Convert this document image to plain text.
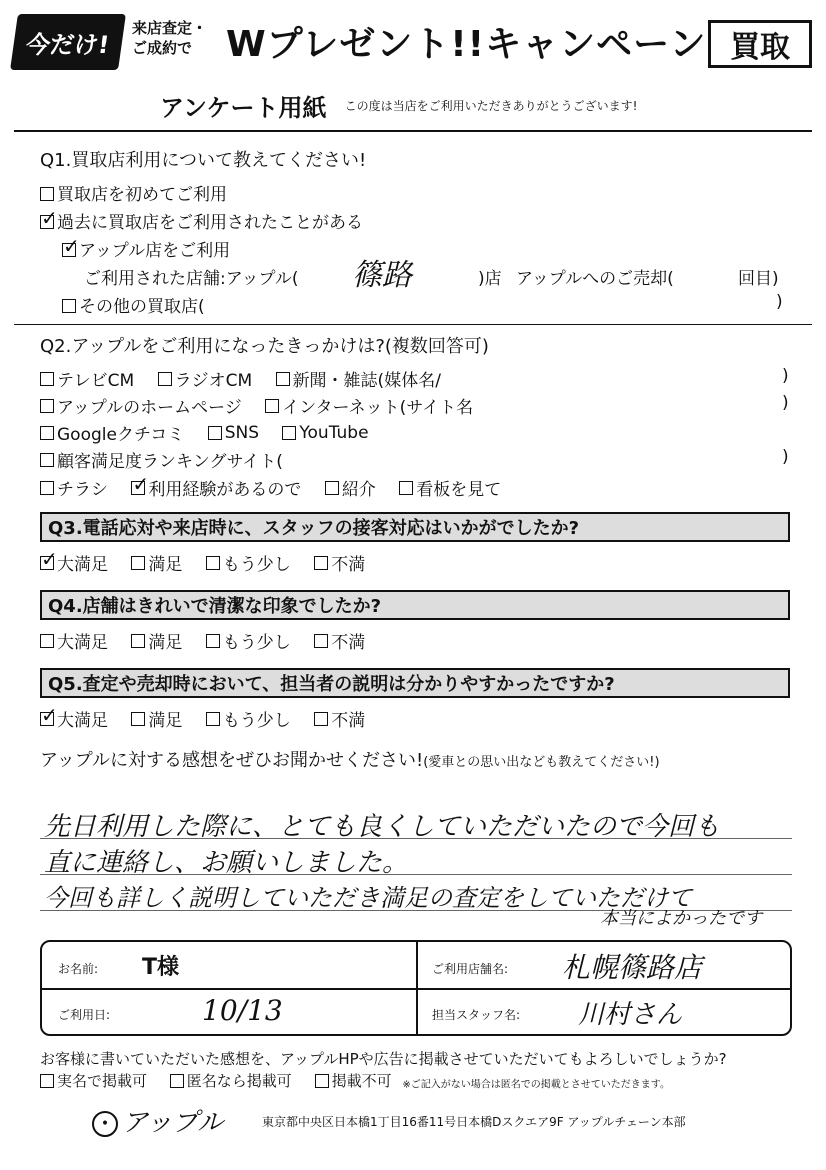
今だけ!
来店査定・
ご成約で Wプレゼント!!キャンペーン 買取
アンケート用紙 この度は当店をご利用いただきありがとうございます!
Q1.買取店利用について教えてください!
買取店を初めてご利用
✓過去に買取店をご利用されたことがある
✓アップル店をご利用
ご利用された店舗:アップル( 篠路	)店 アップルへのご売却(	回目)
その他の買取店(	)
Q2.アップルをご利用になったきっかけは?(複数回答可)
テレビCM
ラジオCM
新聞・雑誌(媒体名/	)
アップルのホームページ
インターネット(サイト名	)
Googleクチコミ
SNS
YouTube
顧客満足度ランキングサイト(	)
チラシ

✓ 利用経験があるので
紹介
看板を見て
Q3.電話応対や来店時に、スタッフの接客対応はいかがでしたか?
✓
大満足
満足
もう少し
不満
Q4.店舗はきれいで清潔な印象でしたか?
大満足
満足
もう少し
不満
Q5.査定や売却時において、担当者の説明は分かりやすかったですか?
✓
大満足
満足
もう少し
不満
アップルに対する感想をぜひお聞かせください!(愛車との思い出なども教えてください!)
先日利用した際に、とても良くしていただいたので今回も
直に連絡し、お願いしました。
今回も詳しく説明していただき満足の査定をしていただけて
本当によかったです
お名前: T様	ご利用店舗名: 札幌篠路店
ご利用日:	10/13	担当スタッフ名: 川村さん
お客様に書いていただいた感想を、アップルHPや広告に掲載させていただいてもよろしいでしょうか?
実名で掲載可
	匿名なら掲載可
	掲載不可 ※ご記入がない場合は匿名での掲載とさせていただきます。
• アップル	東京都中央区日本橋1丁目16番11号日本橋Dスクエア9F アップルチェーン本部
